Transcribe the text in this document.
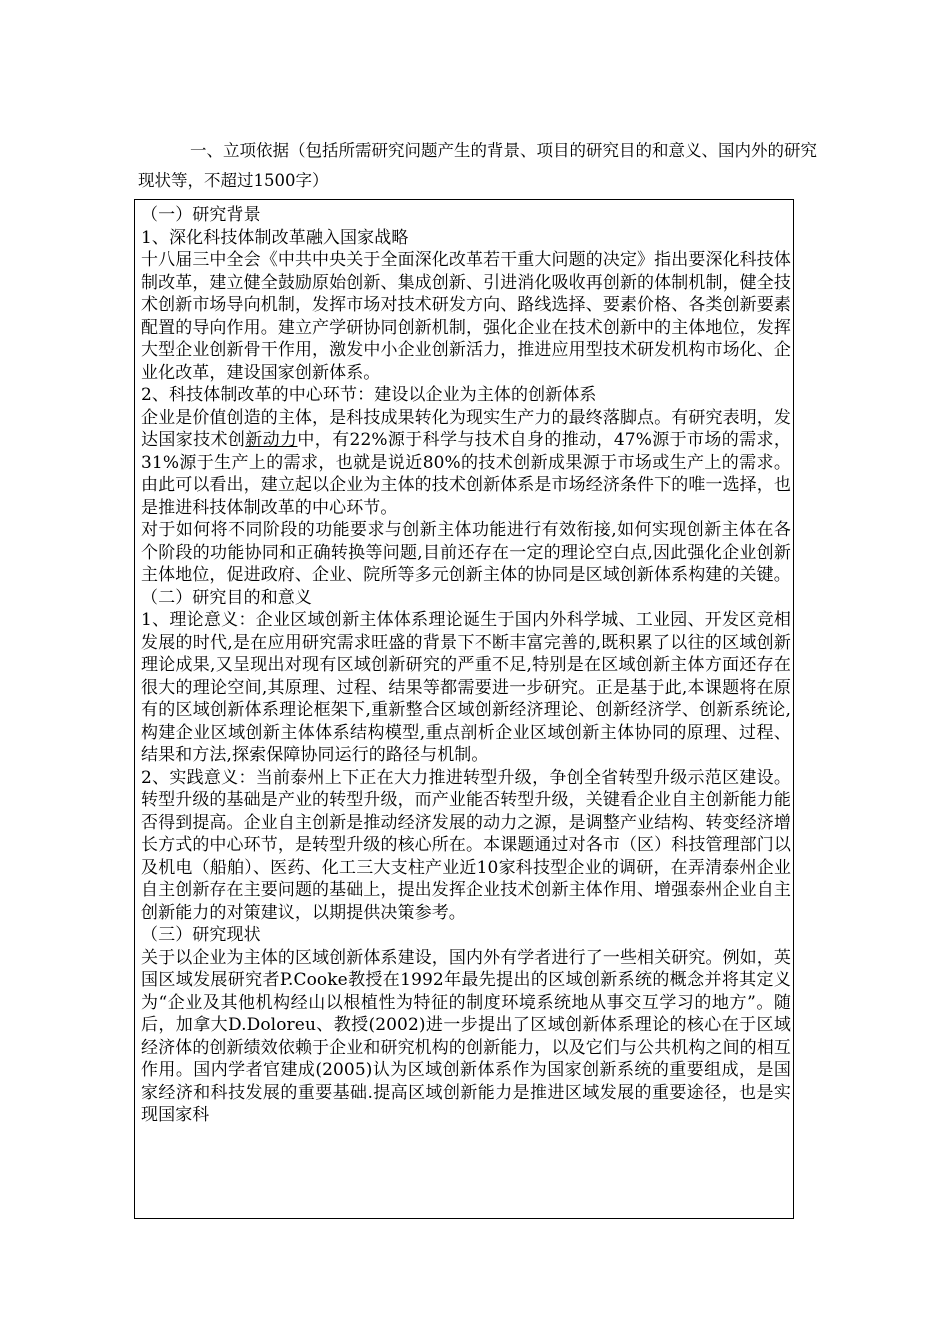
一、立项依据（包括所需研究问题产生的背景、项目的研究目的和意义、国内外的研究现状等，不超过1500字）

（一）研究背景

1、深化科技体制改革融入国家战略

十八届三中全会《中共中央关于全面深化改革若干重大问题的决定》指出要深化科技体制改革，建立健全鼓励原始创新、集成创新、引进消化吸收再创新的体制机制，健全技术创新市场导向机制，发挥市场对技术研发方向、路线选择、要素价格、各类创新要素配置的导向作用。建立产学研协同创新机制，强化企业在技术创新中的主体地位，发挥大型企业创新骨干作用，激发中小企业创新活力，推进应用型技术研发机构市场化、企业化改革，建设国家创新体系。

2、科技体制改革的中心环节：建设以企业为主体的创新体系

企业是价值创造的主体，是科技成果转化为现实生产力的最终落脚点。有研究表明，发达国家技术创新动力中，有22%源于科学与技术自身的推动，47%源于市场的需求，31%源于生产上的需求，也就是说近80%的技术创新成果源于市场或生产上的需求。由此可以看出，建立起以企业为主体的技术创新体系是市场经济条件下的唯一选择，也是推进科技体制改革的中心环节。

对于如何将不同阶段的功能要求与创新主体功能进行有效衔接,如何实现创新主体在各个阶段的功能协同和正确转换等问题,目前还存在一定的理论空白点,因此强化企业创新主体地位，促进政府、企业、院所等多元创新主体的协同是区域创新体系构建的关键。

（二）研究目的和意义

1、理论意义：企业区域创新主体体系理论诞生于国内外科学城、工业园、开发区竞相发展的时代,是在应用研究需求旺盛的背景下不断丰富完善的,既积累了以往的区域创新理论成果,又呈现出对现有区域创新研究的严重不足,特别是在区域创新主体方面还存在很大的理论空间,其原理、过程、结果等都需要进一步研究。正是基于此,本课题将在原有的区域创新体系理论框架下,重新整合区域创新经济理论、创新经济学、创新系统论,构建企业区域创新主体体系结构模型,重点剖析企业区域创新主体协同的原理、过程、结果和方法,探索保障协同运行的路径与机制。

2、实践意义：当前泰州上下正在大力推进转型升级，争创全省转型升级示范区建设。转型升级的基础是产业的转型升级，而产业能否转型升级，关键看企业自主创新能力能否得到提高。企业自主创新是推动经济发展的动力之源，是调整产业结构、转变经济增长方式的中心环节，是转型升级的核心所在。本课题通过对各市（区）科技管理部门以及机电（船舶）、医药、化工三大支柱产业近10家科技型企业的调研，在弄清泰州企业自主创新存在主要问题的基础上，提出发挥企业技术创新主体作用、增强泰州企业自主创新能力的对策建议，以期提供决策参考。

（三）研究现状

关于以企业为主体的区域创新体系建设，国内外有学者进行了一些相关研究。例如，英国区域发展研究者P.Cooke教授在1992年最先提出的区域创新系统的概念并将其定义为“企业及其他机构经山以根植性为特征的制度环境系统地从事交互学习的地方”。随后，加拿大D.Doloreu、教授(2002)进一步提出了区域创新体系理论的核心在于区域经济体的创新绩效依赖于企业和研究机构的创新能力，以及它们与公共机构之间的相互作用。国内学者官建成(2005)认为区域创新体系作为国家创新系统的重要组成，是国家经济和科技发展的重要基础.提高区域创新能力是推进区域发展的重要途径，也是实现国家科
